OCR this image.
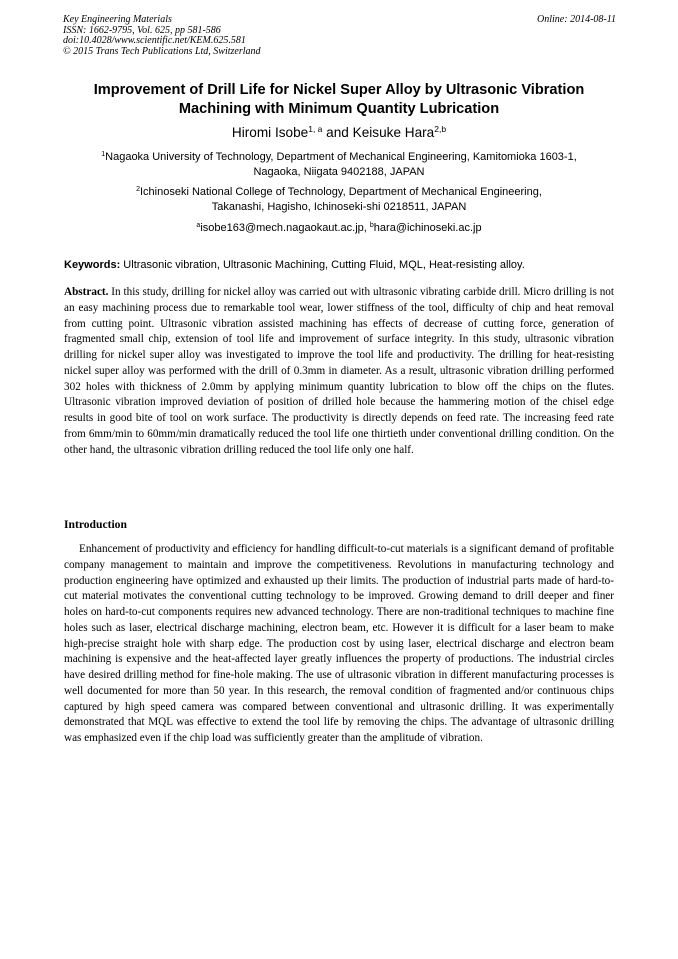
Key Engineering Materials
ISSN: 1662-9795, Vol. 625, pp 581-586
doi:10.4028/www.scientific.net/KEM.625.581
© 2015 Trans Tech Publications Ltd, Switzerland
Online: 2014-08-11
Improvement of Drill Life for Nickel Super Alloy by Ultrasonic Vibration
Machining with Minimum Quantity Lubrication
Hiromi Isobe$^{1, a}$ and Keisuke Hara$^{2,b}$
$^1$Nagaoka University of Technology, Department of Mechanical Engineering, Kamitomioka 1603-1,
Nagaoka, Niigata 9402188, JAPAN
$^2$Ichinoseki National College of Technology, Department of Mechanical Engineering,
Takanashi, Hagisho, Ichinoseki-shi 0218511, JAPAN
$^a$isobe163@mech.nagaokaut.ac.jp, $^b$hara@ichinoseki.ac.jp
Keywords: Ultrasonic vibration, Ultrasonic Machining, Cutting Fluid, MQL, Heat-resisting alloy.

Abstract. In this study, drilling for nickel alloy was carried out with ultrasonic vibrating carbide drill. Micro drilling is not an easy machining process due to remarkable tool wear, lower stiffness of the tool, difficulty of chip and heat removal from cutting point. Ultrasonic vibration assisted machining has effects of decrease of cutting force, generation of fragmented small chip, extension of tool life and improvement of surface integrity. In this study, ultrasonic vibration drilling for nickel super alloy was investigated to improve the tool life and productivity. The drilling for heat-resisting nickel super alloy was performed with the drill of 0.3mm in diameter. As a result, ultrasonic vibration drilling performed 302 holes with thickness of 2.0mm by applying minimum quantity lubrication to blow off the chips on the flutes. Ultrasonic vibration improved deviation of position of drilled hole because the hammering motion of the chisel edge results in good bite of tool on work surface. The productivity is directly depends on feed rate. The increasing feed rate from 6mm/min to 60mm/min dramatically reduced the tool life one thirtieth under conventional drilling condition. On the other hand, the ultrasonic vibration drilling reduced the tool life only one half.

Introduction

Enhancement of productivity and efficiency for handling difficult-to-cut materials is a significant demand of profitable company management to maintain and improve the competitiveness. Revolutions in manufacturing technology and production engineering have optimized and exhausted up their limits. The production of industrial parts made of hard-to-cut material motivates the conventional cutting technology to be improved. Growing demand to drill deeper and finer holes on hard-to-cut components requires new advanced technology. There are non-traditional techniques to machine fine holes such as laser, electrical discharge machining, electron beam, etc. However it is difficult for a laser beam to make high-precise straight hole with sharp edge. The production cost by using laser, electrical discharge and electron beam machining is expensive and the heat-affected layer greatly influences the property of productions. The industrial circles have desired drilling method for fine-hole making. The use of ultrasonic vibration in different manufacturing processes is well documented for more than 50 year. In this research, the removal condition of fragmented and/or continuous chips captured by high speed camera was compared between conventional and ultrasonic drilling. It was experimentally demonstrated that MQL was effective to extend the tool life by removing the chips. The advantage of ultrasonic drilling was emphasized even if the chip load was sufficiently greater than the amplitude of vibration.
